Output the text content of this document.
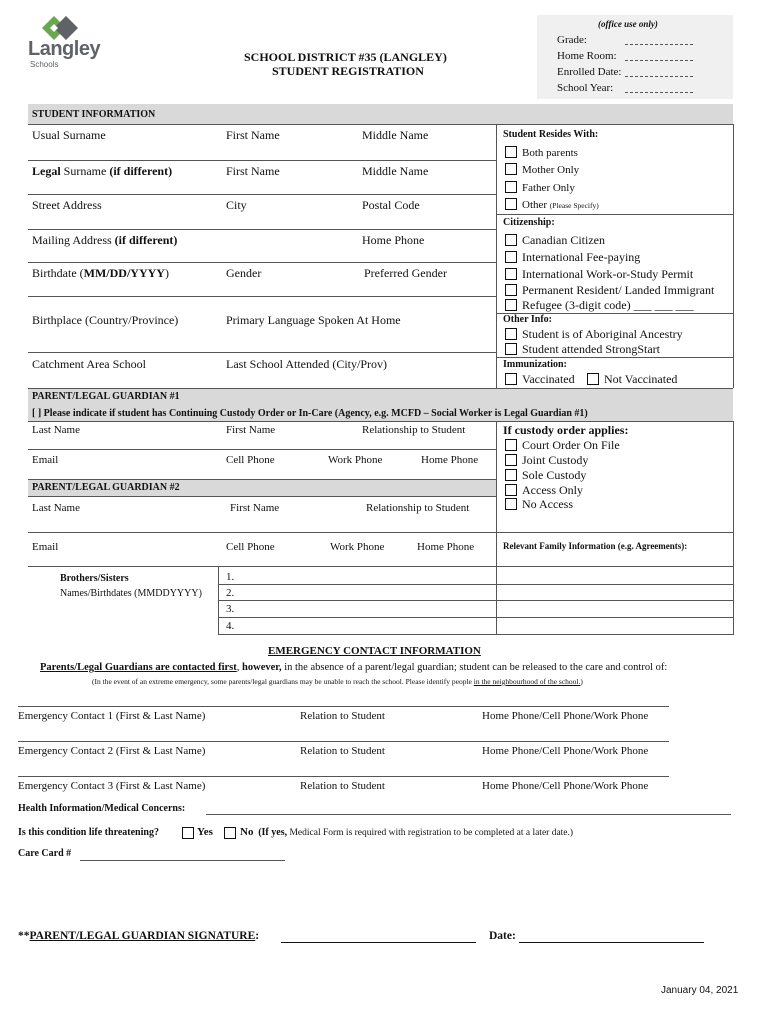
Langley
Schools
SCHOOL DISTRICT #35 (LANGLEY)
STUDENT REGISTRATION
(office use only)
Grade:
Home Room:
Enrolled Date:
School Year:
STUDENT INFORMATION
Usual Surname	First Name	Middle Name
Legal Surname (if different)	First Name	Middle Name
Street Address	City	Postal Code
Mailing Address (if different)	Home Phone
Birthdate (MM/DD/YYYY)	Gender	Preferred Gender
Birthplace (Country/Province)	Primary Language Spoken At Home
Catchment Area School	Last School Attended (City/Prov)
Student Resides With:
Both parents
Mother Only
Father Only
Other (Please Specify)
Citizenship:
Canadian Citizen
International Fee-paying
International Work-or-Study Permit
Permanent Resident/ Landed Immigrant
Refugee (3-digit code) ___ ___ ___
Other Info:
Student is of Aboriginal Ancestry
Student attended StrongStart
Immunization:
Vaccinated	Not Vaccinated
PARENT/LEGAL GUARDIAN #1
[ ] Please indicate if student has Continuing Custody Order or In-Care (Agency, e.g. MCFD – Social Worker is Legal Guardian #1)
Last Name	First Name	Relationship to Student
Email	Cell Phone	Work Phone	Home Phone
If custody order applies:
Court Order On File
Joint Custody
Sole Custody
Access Only
No Access
PARENT/LEGAL GUARDIAN #2
Last Name	First Name	Relationship to Student
Email	Cell Phone	Work Phone	Home Phone	Relevant Family Information (e.g. Agreements):
Brothers/Sisters
Names/Birthdates (MMDDYYYY)
1.
2.
3.
4.
EMERGENCY CONTACT INFORMATION
Parents/Legal Guardians are contacted first, however, in the absence of a parent/legal guardian; student can be released to the care and control of:
(In the event of an extreme emergency, some parents/legal guardians may be unable to reach the school. Please identify people in the neighbourhood of the school.)
Emergency Contact 1 (First & Last Name)	Relation to Student	Home Phone/Cell Phone/Work Phone
Emergency Contact 2 (First & Last Name)	Relation to Student	Home Phone/Cell Phone/Work Phone
Emergency Contact 3 (First & Last Name)	Relation to Student	Home Phone/Cell Phone/Work Phone
Health Information/Medical Concerns:
Is this condition life threatening?	Yes No (If yes, Medical Form is required with registration to be completed at a later date.)
Care Card #
**PARENT/LEGAL GUARDIAN SIGNATURE:	Date:
January 04, 2021
